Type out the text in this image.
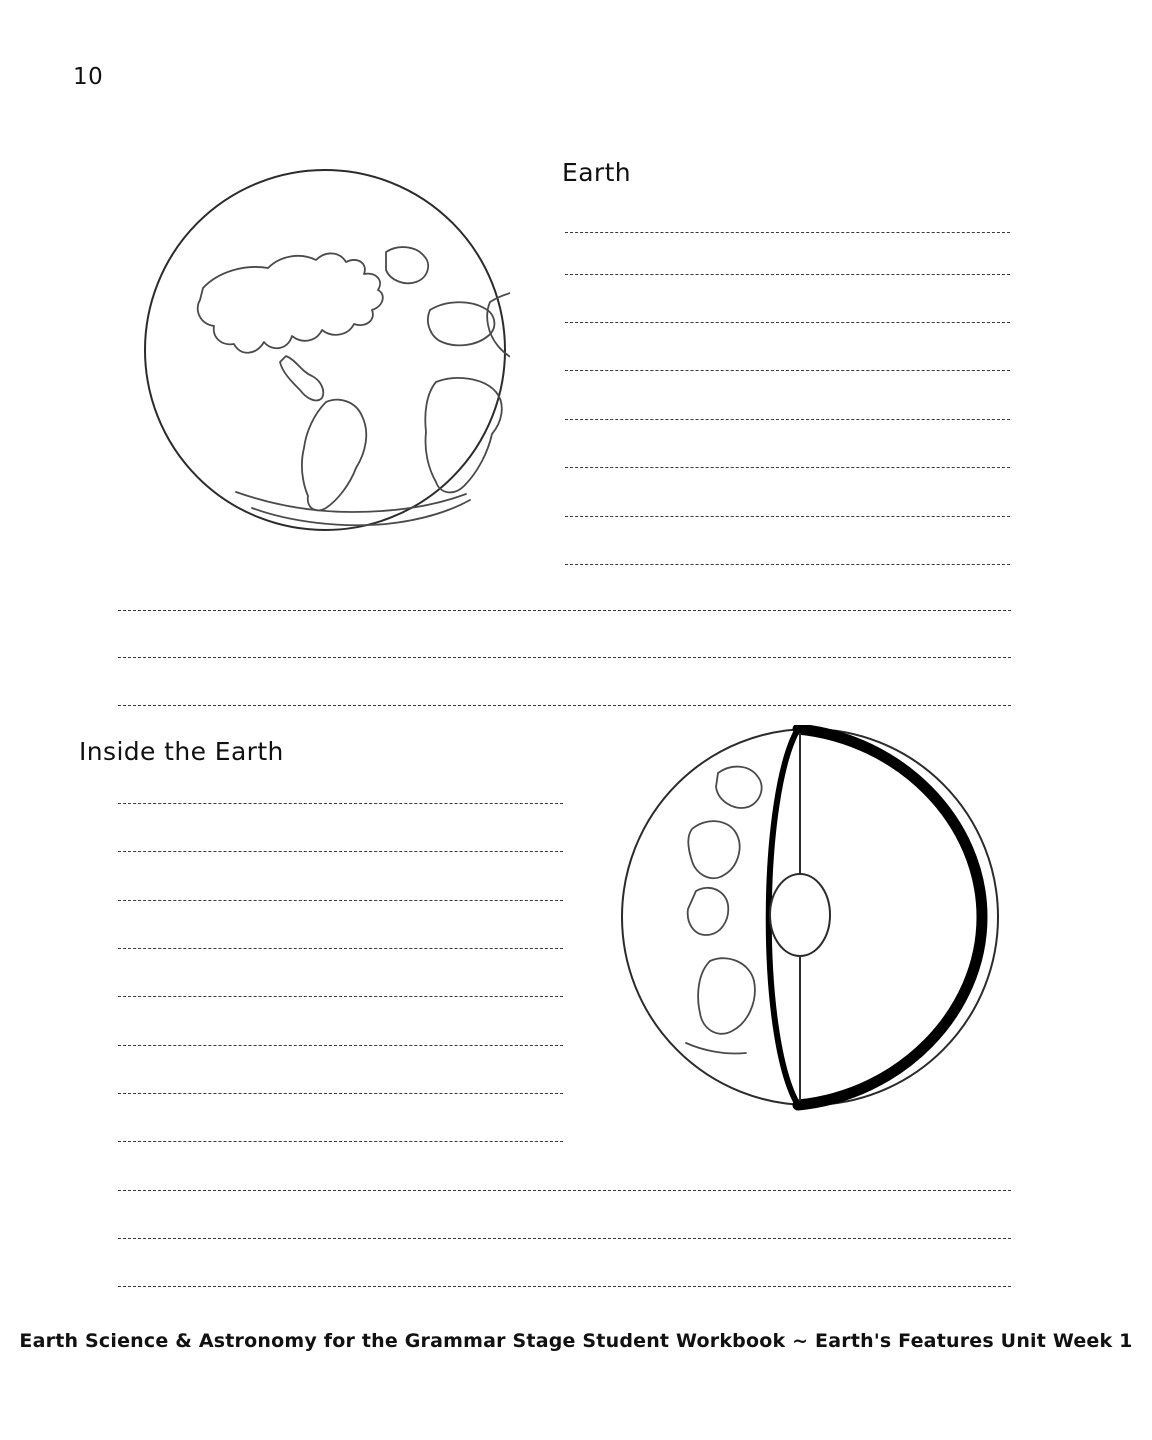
10
Earth
Inside the Earth
Earth Science & Astronomy for the Grammar Stage Student Workbook ~ Earth's Features Unit Week 1
